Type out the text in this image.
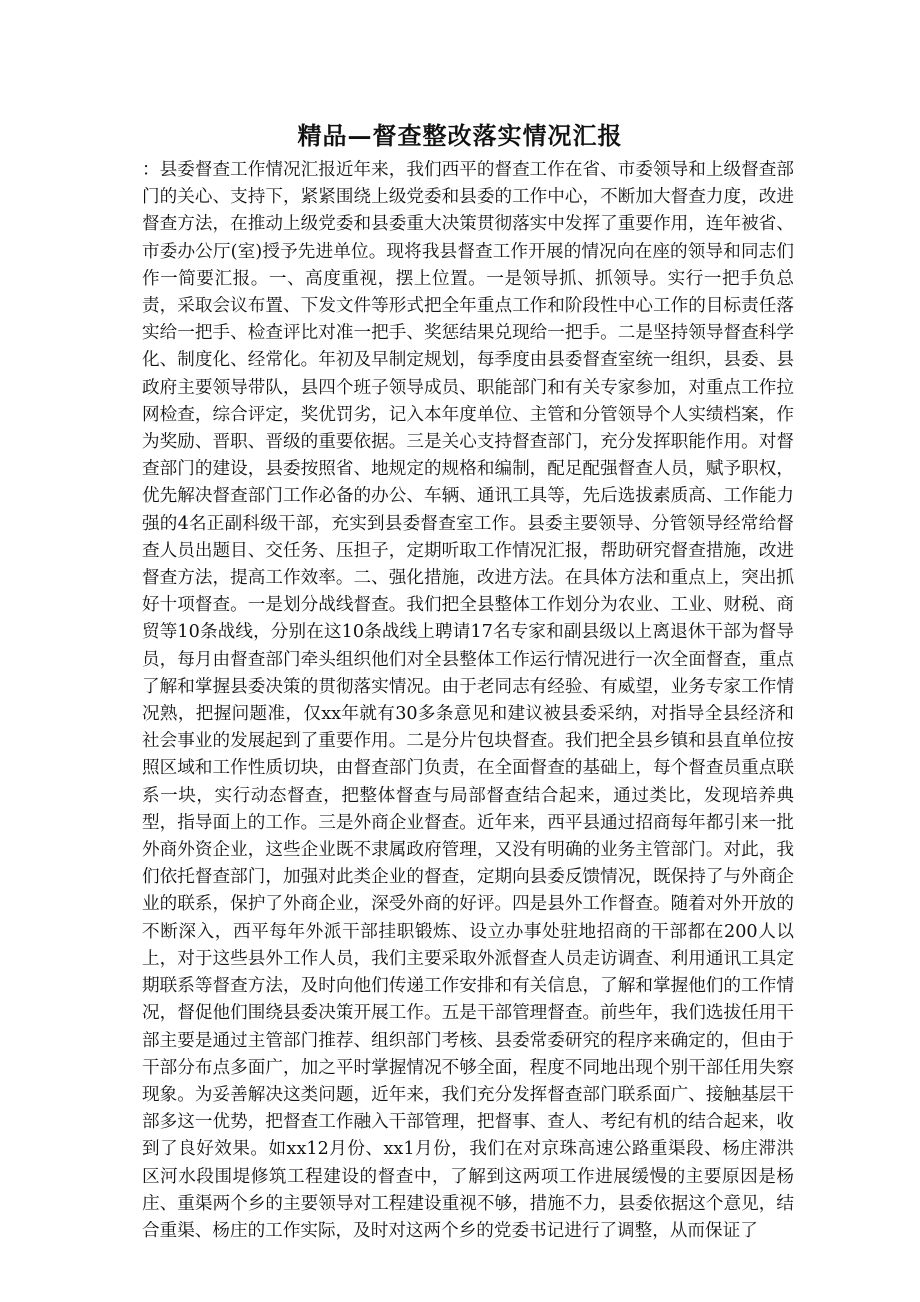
精品—督查整改落实情况汇报

：县委督查工作情况汇报近年来，我们西平的督查工作在省、市委领导和上级督查部门的关心、支持下，紧紧围绕上级党委和县委的工作中心，不断加大督查力度，改进督查方法，在推动上级党委和县委重大决策贯彻落实中发挥了重要作用，连年被省、市委办公厅(室)授予先进单位。现将我县督查工作开展的情况向在座的领导和同志们作一简要汇报。一、高度重视，摆上位置。一是领导抓、抓领导。实行一把手负总责，采取会议布置、下发文件等形式把全年重点工作和阶段性中心工作的目标责任落实给一把手、检查评比对准一把手、奖惩结果兑现给一把手。二是坚持领导督查科学化、制度化、经常化。年初及早制定规划，每季度由县委督查室统一组织，县委、县政府主要领导带队，县四个班子领导成员、职能部门和有关专家参加，对重点工作拉网检查，综合评定，奖优罚劣，记入本年度单位、主管和分管领导个人实绩档案，作为奖励、晋职、晋级的重要依据。三是关心支持督查部门，充分发挥职能作用。对督查部门的建设，县委按照省、地规定的规格和编制，配足配强督查人员，赋予职权，优先解决督查部门工作必备的办公、车辆、通讯工具等，先后选拔素质高、工作能力强的4名正副科级干部，充实到县委督查室工作。县委主要领导、分管领导经常给督查人员出题目、交任务、压担子，定期听取工作情况汇报，帮助研究督查措施，改进督查方法，提高工作效率。二、强化措施，改进方法。在具体方法和重点上，突出抓好十项督查。一是划分战线督查。我们把全县整体工作划分为农业、工业、财税、商贸等10条战线，分别在这10条战线上聘请17名专家和副县级以上离退休干部为督导员，每月由督查部门牵头组织他们对全县整体工作运行情况进行一次全面督查，重点了解和掌握县委决策的贯彻落实情况。由于老同志有经验、有威望，业务专家工作情况熟，把握问题准，仅xx年就有30多条意见和建议被县委采纳，对指导全县经济和社会事业的发展起到了重要作用。二是分片包块督查。我们把全县乡镇和县直单位按照区域和工作性质切块，由督查部门负责，在全面督查的基础上，每个督查员重点联系一块，实行动态督查，把整体督查与局部督查结合起来，通过类比，发现培养典型，指导面上的工作。三是外商企业督查。近年来，西平县通过招商每年都引来一批外商外资企业，这些企业既不隶属政府管理，又没有明确的业务主管部门。对此，我们依托督查部门，加强对此类企业的督查，定期向县委反馈情况，既保持了与外商企业的联系，保护了外商企业，深受外商的好评。四是县外工作督查。随着对外开放的不断深入，西平每年外派干部挂职锻炼、设立办事处驻地招商的干部都在200人以上，对于这些县外工作人员，我们主要采取外派督查人员走访调查、利用通讯工具定期联系等督查方法，及时向他们传递工作安排和有关信息，了解和掌握他们的工作情况，督促他们围绕县委决策开展工作。五是干部管理督查。前些年，我们选拔任用干部主要是通过主管部门推荐、组织部门考核、县委常委研究的程序来确定的，但由于干部分布点多面广，加之平时掌握情况不够全面，程度不同地出现个别干部任用失察现象。为妥善解决这类问题，近年来，我们充分发挥督查部门联系面广、接触基层干部多这一优势，把督查工作融入干部管理，把督事、查人、考纪有机的结合起来，收到了良好效果。如xx12月份、xx1月份，我们在对京珠高速公路重渠段、杨庄滞洪区河水段围堤修筑工程建设的督查中，了解到这两项工作进展缓慢的主要原因是杨庄、重渠两个乡的主要领导对工程建设重视不够，措施不力，县委依据这个意见，结合重渠、杨庄的工作实际，及时对这两个乡的党委书记进行了调整，从而保证了
